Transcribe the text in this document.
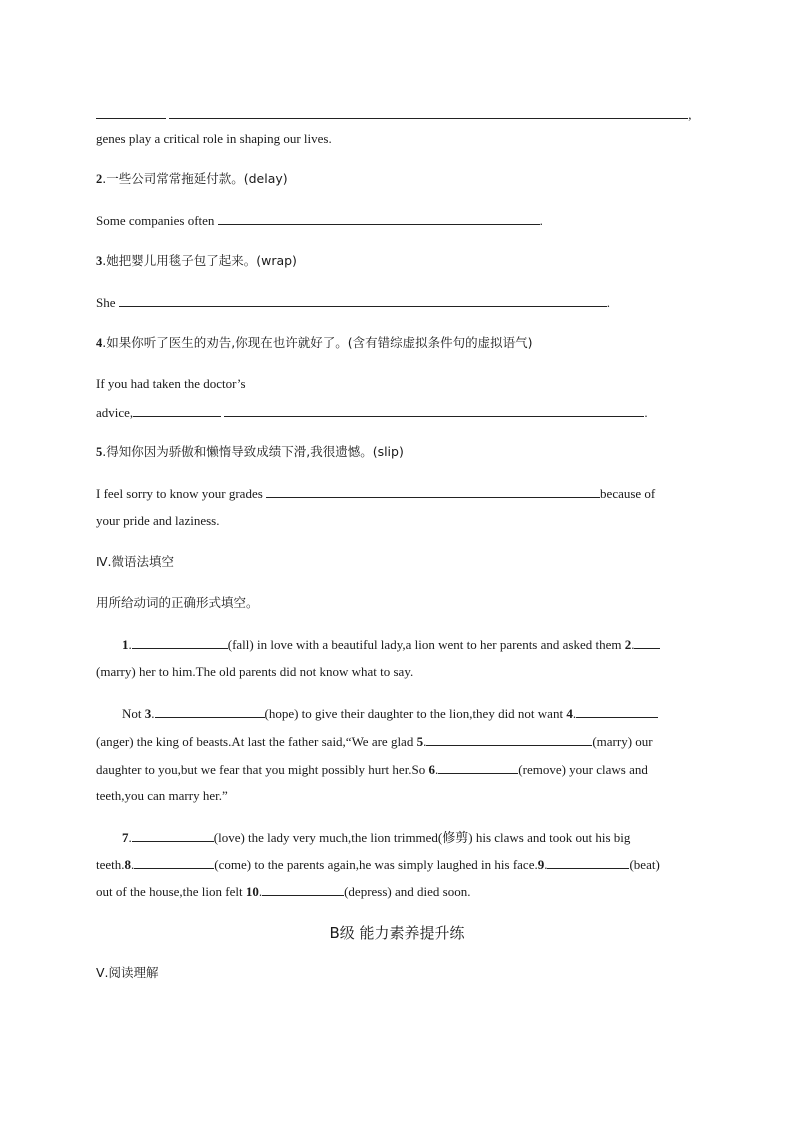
,
genes play a critical role in shaping our lives.
2.一些公司常常拖延付款。(delay)
Some companies often	.
3.她把婴儿用毯子包了起来。(wrap)
She	.
4.如果你听了医生的劝告,你现在也许就好了。(含有错综虚拟条件句的虚拟语气)
If you had taken the doctor’s
advice,	.
5.得知你因为骄傲和懒惰导致成绩下滑,我很遗憾。(slip)
I feel sorry to know your grades	because of
your pride and laziness.
Ⅳ.微语法填空
用所给动词的正确形式填空。
1.	(fall) in love with a beautiful lady,a lion went to her parents and asked them 2.
(marry) her to him.The old parents did not know what to say.
Not 3.	(hope) to give their daughter to the lion,they did not want 4.
(anger) the king of beasts.At last the father said,“We are glad 5.	(marry) our
daughter to you,but we fear that you might possibly hurt her.So 6.	(remove) your claws and
teeth,you can marry her.”
7.	(love) the lady very much,the lion trimmed(修剪) his claws and took out his big
teeth.8.	(come) to the parents again,he was simply laughed in his face.9.	(beat)
out of the house,the lion felt 10.	(depress) and died soon.
B级 能力素养提升练
Ⅴ.阅读理解
